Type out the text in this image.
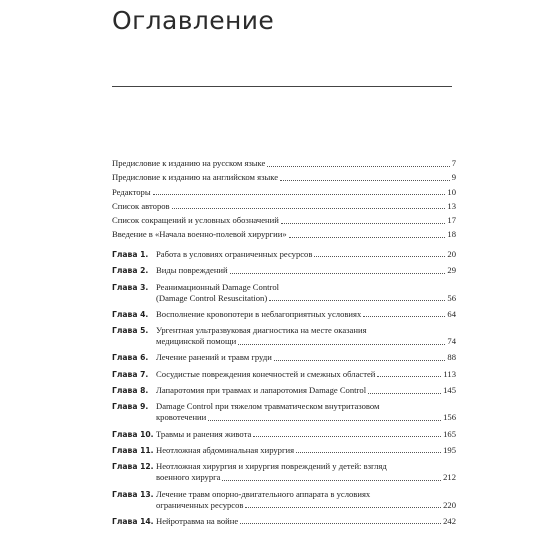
Оглавление
Предисловие к изданию на русском языке	7
Предисловие к изданию на английском языке	9
Редакторы	10
Список авторов	13
Список сокращений и условных обозначений	17
Введение в «Начала военно-полевой хирургии»	18
Глава 1. Работа в условиях ограниченных ресурсов	20
Глава 2. Виды повреждений	29
Глава 3. Реанимационный Damage Control
(Damage Control Resuscitation)	56
Глава 4. Восполнение кровопотери в неблагоприятных условиях	64
Глава 5. Ургентная ультразвуковая диагностика на месте оказания
медицинской помощи	74
Глава 6. Лечение ранений и травм груди	88
Глава 7. Сосудистые повреждения конечностей и смежных областей	113
Глава 8. Лапаротомия при травмах и лапаротомия Damage Control	145
Глава 9. Damage Control при тяжелом травматическом внутритазовом
кровотечении	156
Глава 10. Травмы и ранения живота	165
Глава 11. Неотложная абдоминальная хирургия	195
Глава 12. Неотложная хирургия и хирургия повреждений у детей: взгляд
военного хирурга	212
Глава 13. Лечение травм опорно-двигательного аппарата в условиях
ограниченных ресурсов	220
Глава 14. Нейротравма на войне	242
